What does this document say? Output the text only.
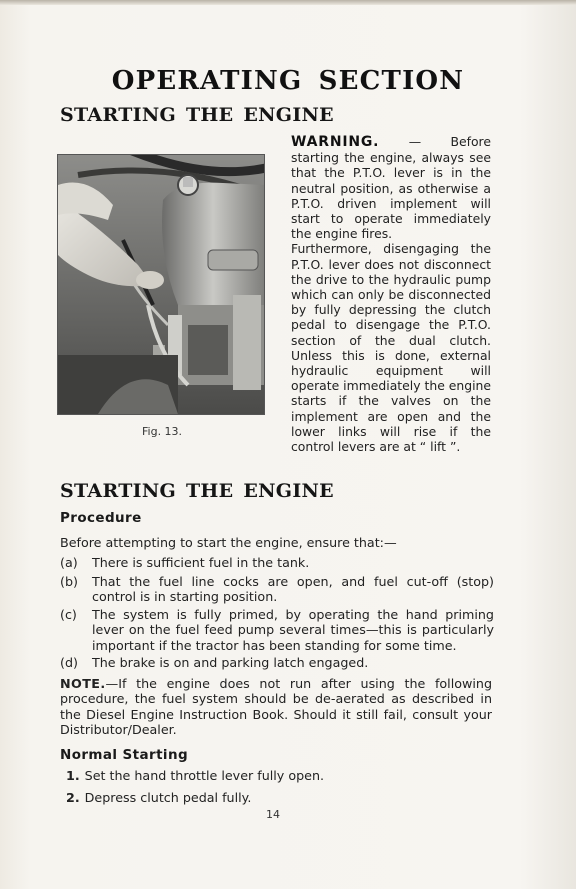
OPERATING SECTION
STARTING THE ENGINE
Fig. 13.

WARNING. — Before starting the engine, always see that the P.T.O. lever is in the neutral position, as otherwise a P.T.O. driven implement will start to operate immediately the engine fires.

Furthermore, disengaging the P.T.O. lever does not disconnect the drive to the hydraulic pump which can only be disconnected by fully depressing the clutch pedal to disengage the P.T.O. section of the dual clutch. Unless this is done, external hydraulic equipment will operate immediately the engine starts if the valves on the implement are open and the lower links will rise if the control levers are at “ lift ”.

STARTING THE ENGINE
Procedure
Before attempting to start the engine, ensure that:—
(a) There is sufficient fuel in the tank.
(b) That the fuel line cocks are open, and fuel cut-off (stop) control is in starting position.
(c) The system is fully primed, by operating the hand priming lever on the fuel feed pump several times—this is particularly important if the tractor has been standing for some time.
(d) The brake is on and parking latch engaged.
NOTE.—If the engine does not run after using the following procedure, the fuel system should be de-aerated as described in the Diesel Engine Instruction Book. Should it still fail, consult your Distributor/Dealer.
Normal Starting
1. Set the hand throttle lever fully open.
2. Depress clutch pedal fully.
14
